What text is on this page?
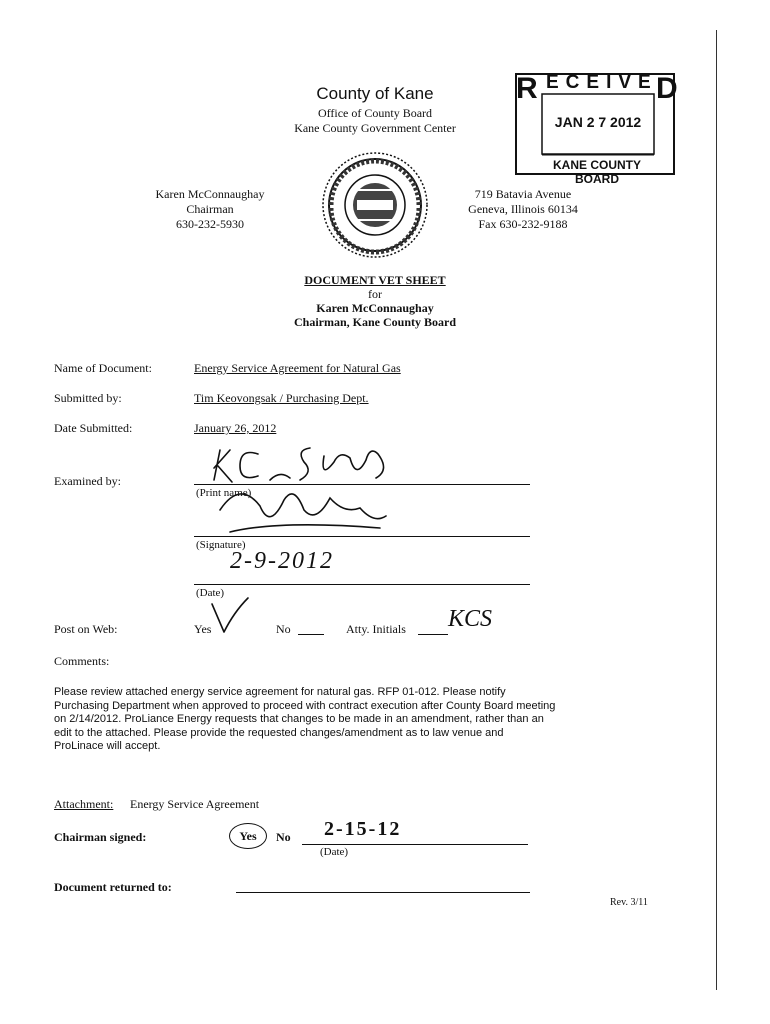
County of Kane
Office of County Board
Kane County Government Center
R	D
ECEIVE
JAN 2 7 2012
KANE COUNTY BOARD
Karen McConnaughay
Chairman
630-232-5930
719 Batavia Avenue
Geneva, Illinois 60134
Fax 630-232-9188
DOCUMENT VET SHEET
for
Karen McConnaughay
Chairman, Kane County Board
Name of Document:	Energy Service Agreement for Natural Gas
Submitted by:	Tim Keovongsak / Purchasing Dept.
Date Submitted:	January 26, 2012
Examined by:
(Print name)
(Signature)
(Date)
2-9-2012
Post on Web:	Yes	No	Atty. Initials KCS
Comments:
Please review attached energy service agreement for natural gas. RFP 01-012. Please notify
Purchasing Department when approved to proceed with contract execution after County Board meeting
on 2/14/2012. ProLiance Energy requests that changes to be made in an amendment, rather than an
edit to the attached. Please provide the requested changes/amendment as to law venue and
ProLinace will accept.
Attachment: Energy Service Agreement
Chairman signed:	Yes	No 2-15-12
(Date)
Document returned to:
Rev. 3/11
